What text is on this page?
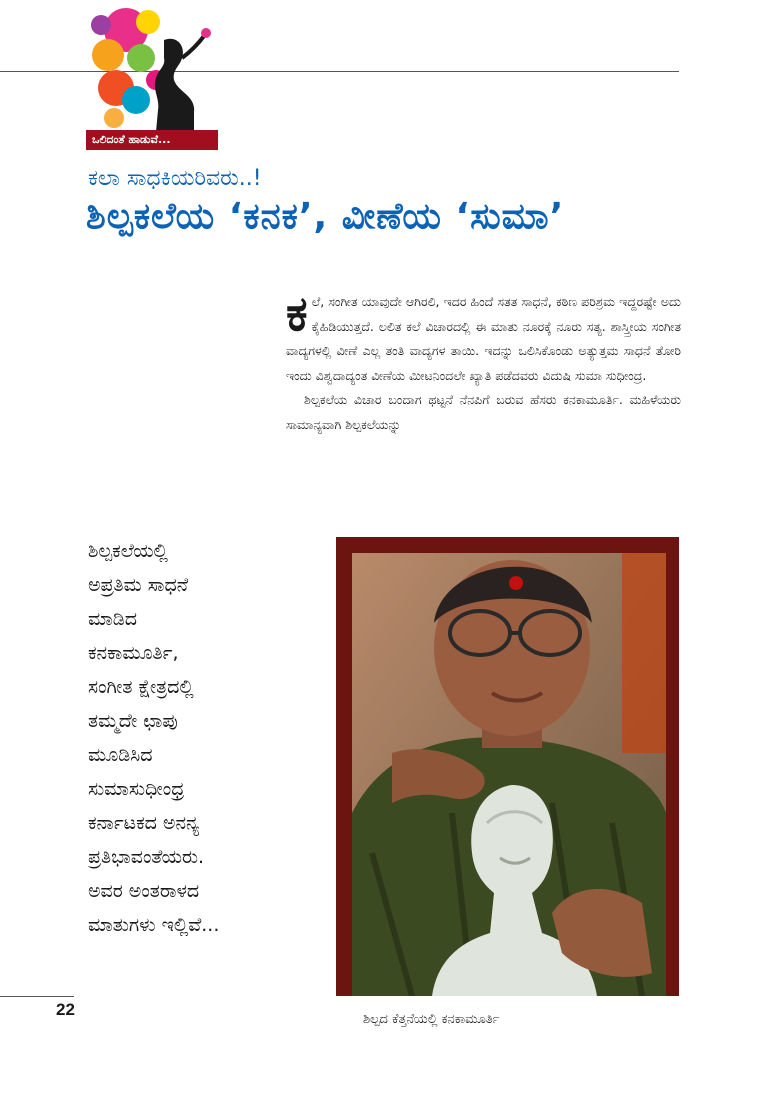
ಒಲಿದಂತೆ ಹಾಡುವೆ...
ಕಲಾ ಸಾಧಕಿಯರಿವರು..!
ಶಿಲ್ಪಕಲೆಯ ‘ಕನಕ’, ವೀಣೆಯ ‘ಸುಮಾ’

ಕ ಲೆ, ಸಂಗೀತ ಯಾವುದೇ ಆಗಿರಲಿ, ಇದರ ಹಿಂದೆ ಸತತ ಸಾಧನೆ, ಕಠಿಣ ಪರಿಶ್ರಮ ಇದ್ದರಷ್ಟೇ ಅದು ಕೈಹಿಡಿಯುತ್ತದೆ. ಲಲಿತ ಕಲೆ ವಿಚಾರದಲ್ಲಿ ಈ ಮಾತು ನೂರಕ್ಕೆ ನೂರು ಸತ್ಯ. ಶಾಸ್ತ್ರೀಯ ಸಂಗೀತ ವಾದ್ಯಗಳಲ್ಲಿ ವೀಣೆ ಎಲ್ಲ ತಂತಿ ವಾದ್ಯಗಳ ತಾಯಿ. ಇದನ್ನು ಒಲಿಸಿಕೊಂಡು ಅತ್ಯುತ್ತಮ ಸಾಧನೆ ತೋರಿ ಇಂದು ವಿಶ್ವದಾದ್ಯಂತ ವೀಣೆಯ ಮೀಟನಿಂದಲೇ ಖ್ಯಾತಿ ಪಡೆದವರು ವಿದುಷಿ ಸುಮಾ ಸುಧೀಂದ್ರ.

ಶಿಲ್ಪಕಲೆಯ ವಿಚಾರ ಬಂದಾಗ ಥಟ್ಟನೆ ನೆನಪಿಗೆ ಬರುವ ಹೆಸರು ಕನಕಾಮೂರ್ತಿ. ಮಹಿಳೆಯರು ಸಾಮಾನ್ಯವಾಗಿ ಶಿಲ್ಪಕಲೆಯನ್ನು

ಶಿಲ್ಪಕಲೆಯಲ್ಲಿ

ಅಪ್ರತಿಮ ಸಾಧನೆ

ಮಾಡಿದ

ಕನಕಾಮೂರ್ತಿ,

ಸಂಗೀತ ಕ್ಷೇತ್ರದಲ್ಲಿ

ತಮ್ಮದೇ ಛಾಪು

ಮೂಡಿಸಿದ

ಸುಮಾಸುಧೀಂಧ್ರ

ಕರ್ನಾಟಕದ ಅನನ್ಯ

ಪ್ರತಿಭಾವಂತೆಯರು.

ಅವರ ಅಂತರಾಳದ

ಮಾತುಗಳು ಇಲ್ಲಿವೆ...

ಶಿಲ್ಪದ ಕೆತ್ತನೆಯಲ್ಲಿ ಕನಕಾಮೂರ್ತಿ
22
